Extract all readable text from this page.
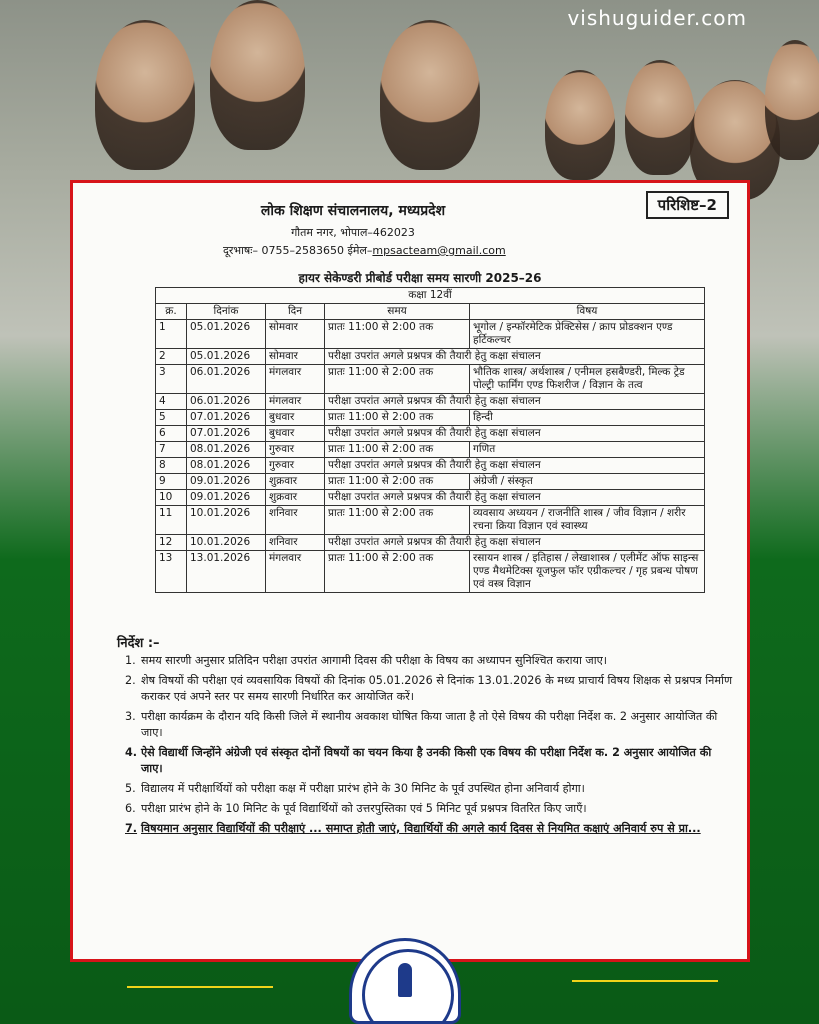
vishuguider.com
परिशिष्ट–2
लोक शिक्षण संचालनालय, मध्यप्रदेश
गौतम नगर, भोपाल–462023
दूरभाषः– 0755–2583650 ईमेल–mpsacteam@gmail.com
हायर सेकेण्डरी प्रीबोर्ड परीक्षा समय सारणी 2025–26
कक्षा 12वीं				
क्र.	दिनांक	दिन	समय	विषय
1	05.01.2026	सोमवार	प्रातः 11:00 से 2:00 तक	भूगोल / इन्फॉरमेटिक प्रेक्टिसेस / क्राप प्रोडक्शन एण्ड हर्टिकल्चर
2	05.01.2026	सोमवार	परीक्षा उपरांत अगले प्रश्नपत्र की तैयारी हेतु कक्षा संचालन	
3	06.01.2026	मंगलवार	प्रातः 11:00 से 2:00 तक	भौतिक शास्त्र/ अर्थशास्त्र / एनीमल हसबैण्डरी, मिल्क ट्रेड पोल्ट्री फार्मिंग एण्ड फिशरीज / विज्ञान के तत्व
4	06.01.2026	मंगलवार	परीक्षा उपरांत अगले प्रश्नपत्र की तैयारी हेतु कक्षा संचालन	
5	07.01.2026	बुधवार	प्रातः 11:00 से 2:00 तक	हिन्दी
6	07.01.2026	बुधवार	परीक्षा उपरांत अगले प्रश्नपत्र की तैयारी हेतु कक्षा संचालन	
7	08.01.2026	गुरुवार	प्रातः 11:00 से 2:00 तक	गणित
8	08.01.2026	गुरुवार	परीक्षा उपरांत अगले प्रश्नपत्र की तैयारी हेतु कक्षा संचालन	
9	09.01.2026	शुक्रवार	प्रातः 11:00 से 2:00 तक	अंग्रेजी / संस्कृत
10	09.01.2026	शुक्रवार	परीक्षा उपरांत अगले प्रश्नपत्र की तैयारी हेतु कक्षा संचालन	
11	10.01.2026	शनिवार	प्रातः 11:00 से 2:00 तक	व्यवसाय अध्ययन / राजनीति शास्त्र / जीव विज्ञान / शरीर रचना क्रिया विज्ञान एवं स्वास्थ्य
12	10.01.2026	शनिवार	परीक्षा उपरांत अगले प्रश्नपत्र की तैयारी हेतु कक्षा संचालन	
13	13.01.2026	मंगलवार	प्रातः 11:00 से 2:00 तक	रसायन शास्त्र / इतिहास / लेखाशास्त्र / एलीमेंट ऑफ साइन्स एण्ड मैथमेटिक्स यूजफुल फॉर एग्रीकल्चर / गृह प्रबन्ध पोषण एवं वस्त्र विज्ञान
निर्देश :–
1. समय सारणी अनुसार प्रतिदिन परीक्षा उपरांत आगामी दिवस की परीक्षा के विषय का अध्यापन सुनिश्चित कराया जाए।
2. शेष विषयों की परीक्षा एवं व्यवसायिक विषयों की दिनांक 05.01.2026 से दिनांक 13.01.2026 के मध्य प्राचार्य विषय शिक्षक से प्रश्नपत्र निर्माण कराकर एवं अपने स्तर पर समय सारणी निर्धारित कर आयोजित करें।
3. परीक्षा कार्यक्रम के दौरान यदि किसी जिले में स्थानीय अवकाश घोषित किया जाता है तो ऐसे विषय की परीक्षा निर्देश क. 2 अनुसार आयोजित की जाए।
4. ऐसे विद्यार्थी जिन्होंने अंग्रेजी एवं संस्कृत दोनों विषयों का चयन किया है उनकी किसी एक विषय की परीक्षा निर्देश क. 2 अनुसार आयोजित की जाए।
5. विद्यालय में परीक्षार्थियों को परीक्षा कक्ष में परीक्षा प्रारंभ होने के 30 मिनिट के पूर्व उपस्थित होना अनिवार्य होगा।
6. परीक्षा प्रारंभ होने के 10 मिनिट के पूर्व विद्यार्थियों को उत्तरपुस्तिका एवं 5 मिनिट पूर्व प्रश्नपत्र वितरित किए जाएँ।
7. विषयमान अनुसार विद्यार्थियों की परीक्षाएं ... समाप्त होती जाएं, विद्यार्थियों की अगले कार्य दिवस से नियमित कक्षाएं अनिवार्य रुप से प्रा...
